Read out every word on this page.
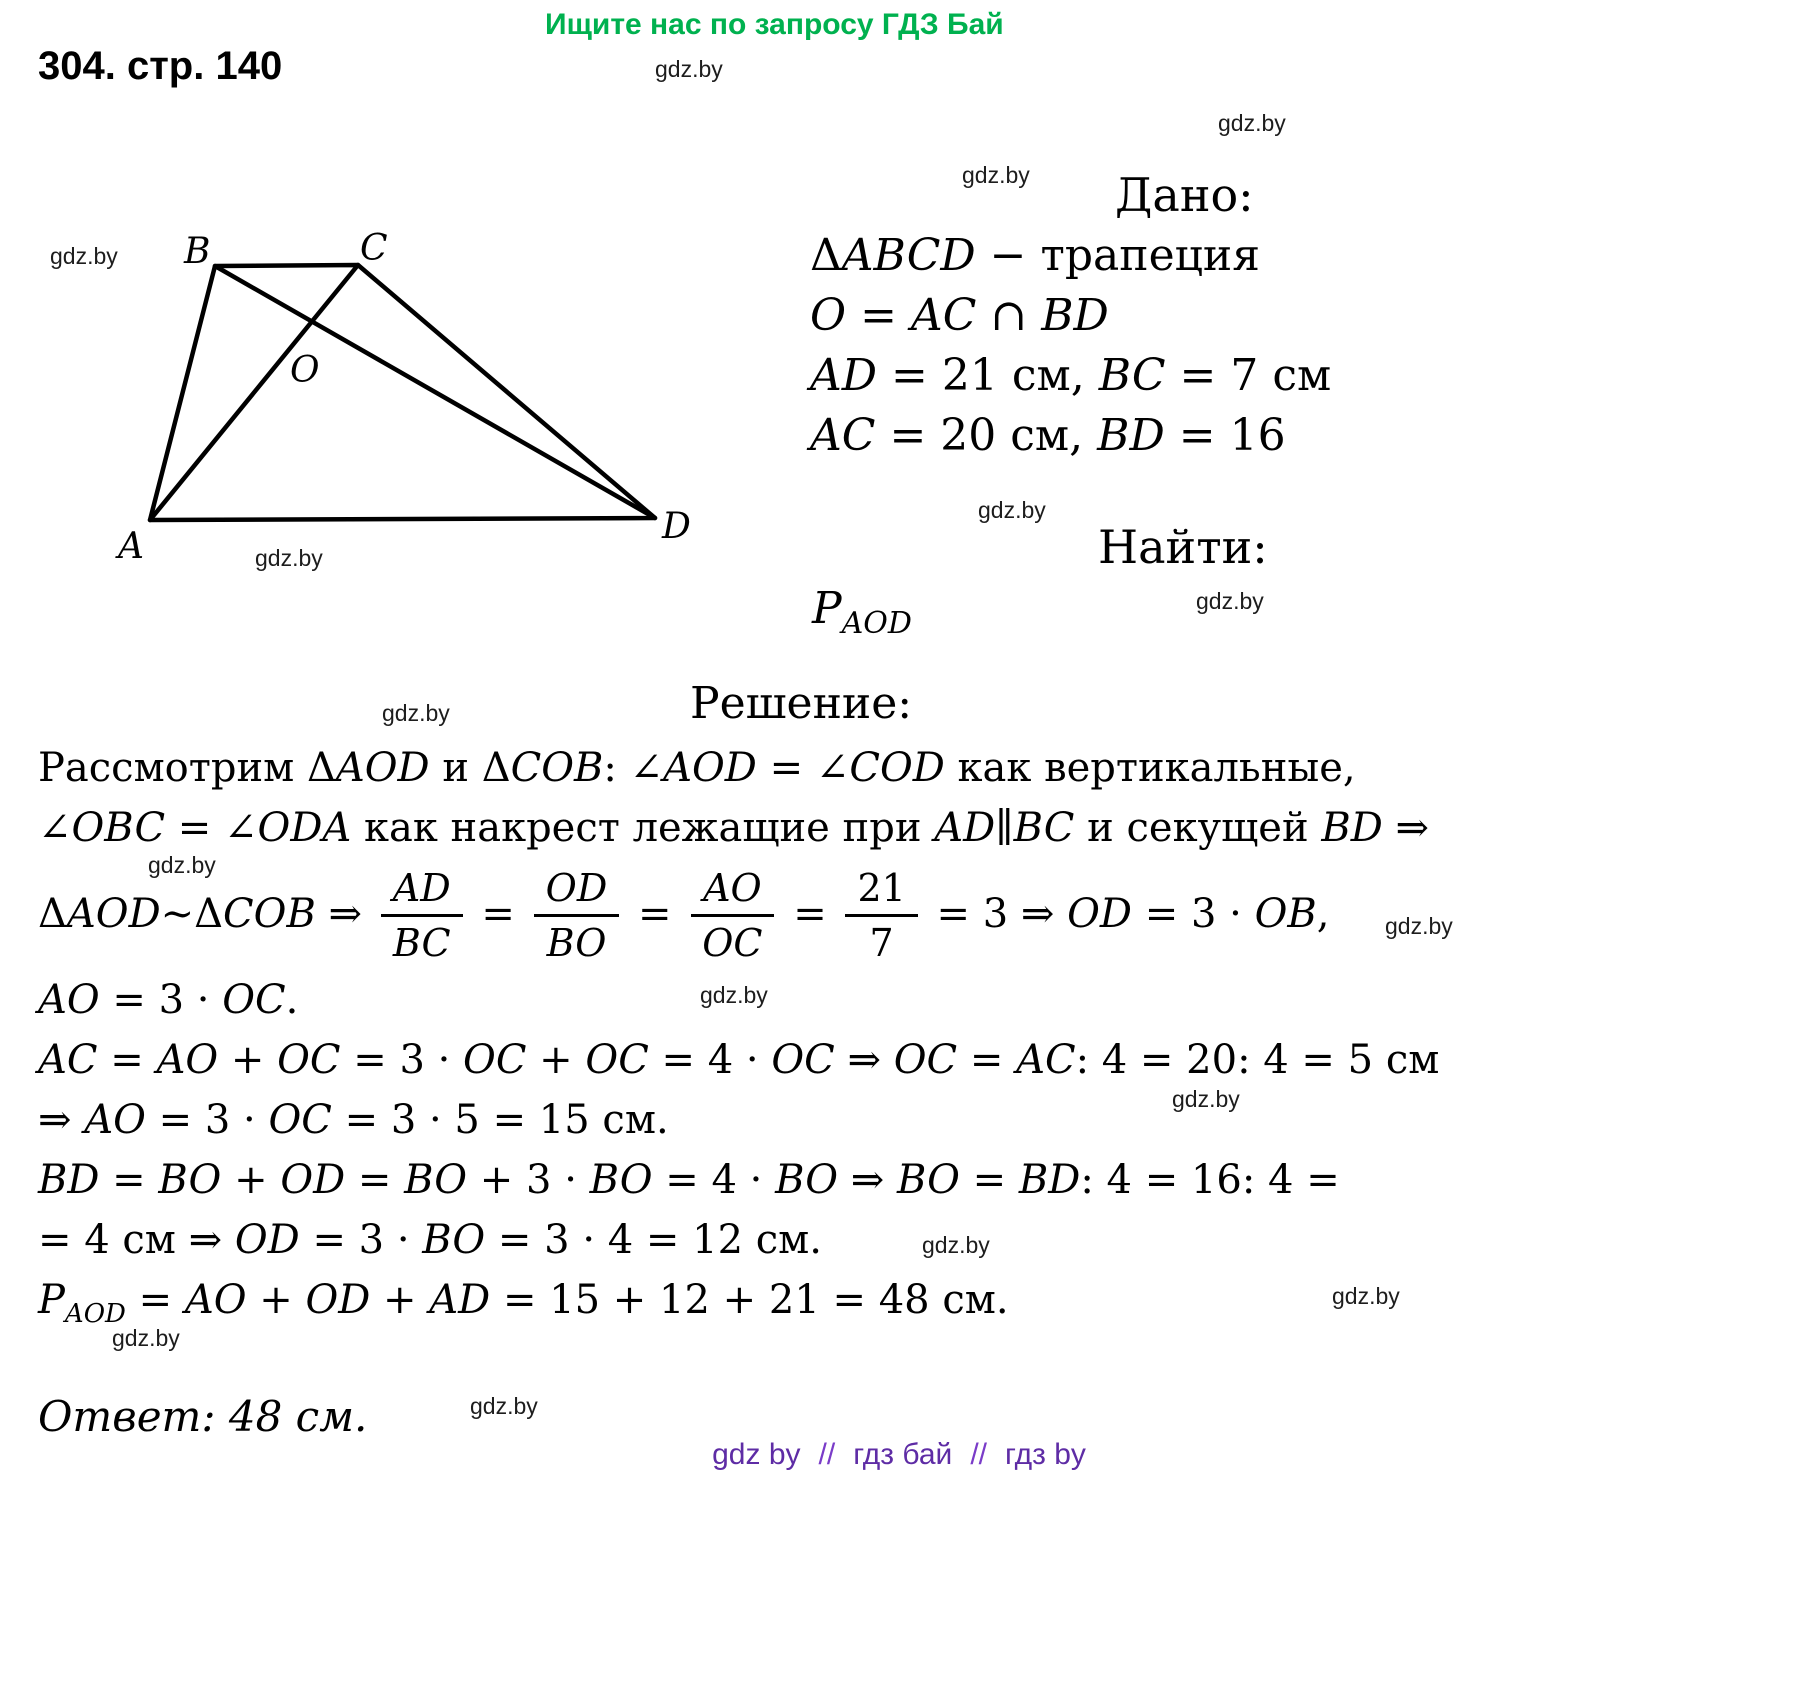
Ищите нас по запросу ГДЗ Бай
304. стр. 140	gdz.by
gdz.by
gdz.by
gdz.by
gdz.by
gdz.by
gdz.by
gdz.by
gdz.by
gdz.by
gdz.by
gdz.by
gdz.by
gdz.by
gdz.by
gdz.by
A
B	C
D
O
Дано:
ΔABCD − трапеция
O = AC ∩ BD
AD = 21 см, BC = 7 см
AC = 20 см, BD = 16
Найти:
$P_{AOD}$
Решение:
Рассмотрим ΔAOD и ΔCOB: ∠AOD = ∠COD как вертикальные,
∠OBC = ∠ODA как накрест лежащие при AD∥BC и секущей BD ⇒
ΔAOD∼ΔCOB ⇒ $\frac{AD}{BC} = \frac{OD}{BO} = \frac{AO}{OC} = \frac{21}{7} = 3$ ⇒ OD = 3 · OB,
AO = 3 · OC.
AC = AO + OC = 3 · OC + OC = 4 · OC ⇒ OC = AC: 4 = 20: 4 = 5 см
⇒ AO = 3 · OC = 3 · 5 = 15 см.
BD = BO + OD = BO + 3 · BO = 4 · BO ⇒ BO = BD: 4 = 16: 4 =
= 4 см ⇒ OD = 3 · BO = 3 · 4 = 12 см.
$P_{AOD}$ = AO + OD + AD = 15 + 12 + 21 = 48 см.
Ответ: 48 см.
gdz by // гдз бай // гдз by
